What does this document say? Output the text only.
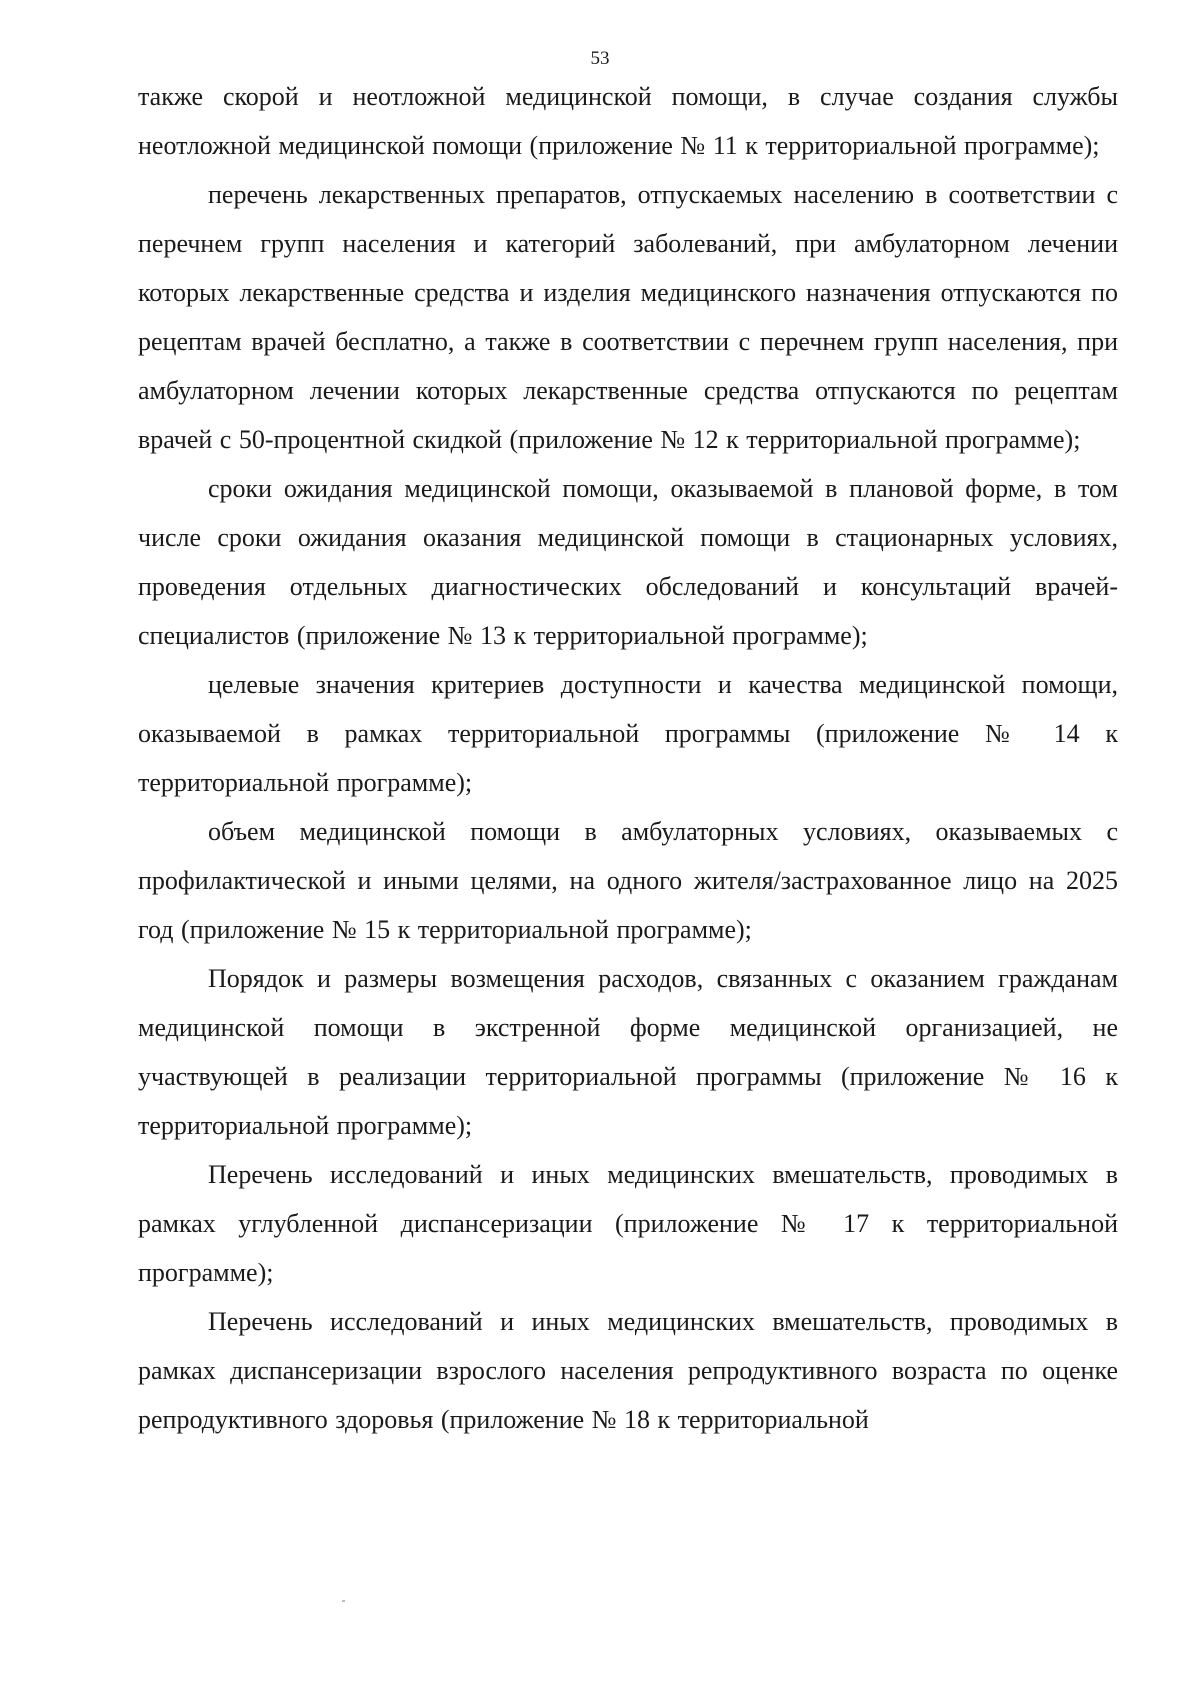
53

также скорой и неотложной медицинской помощи, в случае создания службы неотложной медицинской помощи (приложение № 11 к территориальной программе);

перечень лекарственных препаратов, отпускаемых населению в соответствии с перечнем групп населения и категорий заболеваний, при амбулаторном лечении которых лекарственные средства и изделия медицинского назначения отпускаются по рецептам врачей бесплатно, а также в соответствии с перечнем групп населения, при амбулаторном лечении которых лекарственные средства отпускаются по рецептам врачей с 50-процентной скидкой (приложение № 12 к территориальной программе);

сроки ожидания медицинской помощи, оказываемой в плановой форме, в том числе сроки ожидания оказания медицинской помощи в стационарных условиях, проведения отдельных диагностических обследований и консультаций врачей-специалистов (приложение № 13 к территориальной программе);

целевые значения критериев доступности и качества медицинской помощи, оказываемой в рамках территориальной программы (приложение № 14 к территориальной программе);

объем медицинской помощи в амбулаторных условиях, оказываемых с профилактической и иными целями, на одного жителя/застрахованное лицо на 2025 год (приложение № 15 к территориальной программе);

Порядок и размеры возмещения расходов, связанных с оказанием гражданам медицинской помощи в экстренной форме медицинской организацией, не участвующей в реализации территориальной программы (приложение № 16 к территориальной программе);

Перечень исследований и иных медицинских вмешательств, проводимых в рамках углубленной диспансеризации (приложение № 17 к территориальной программе);

Перечень исследований и иных медицинских вмешательств, проводимых в рамках диспансеризации взрослого населения репродуктивного возраста по оценке репродуктивного здоровья (приложение № 18 к территориальной
